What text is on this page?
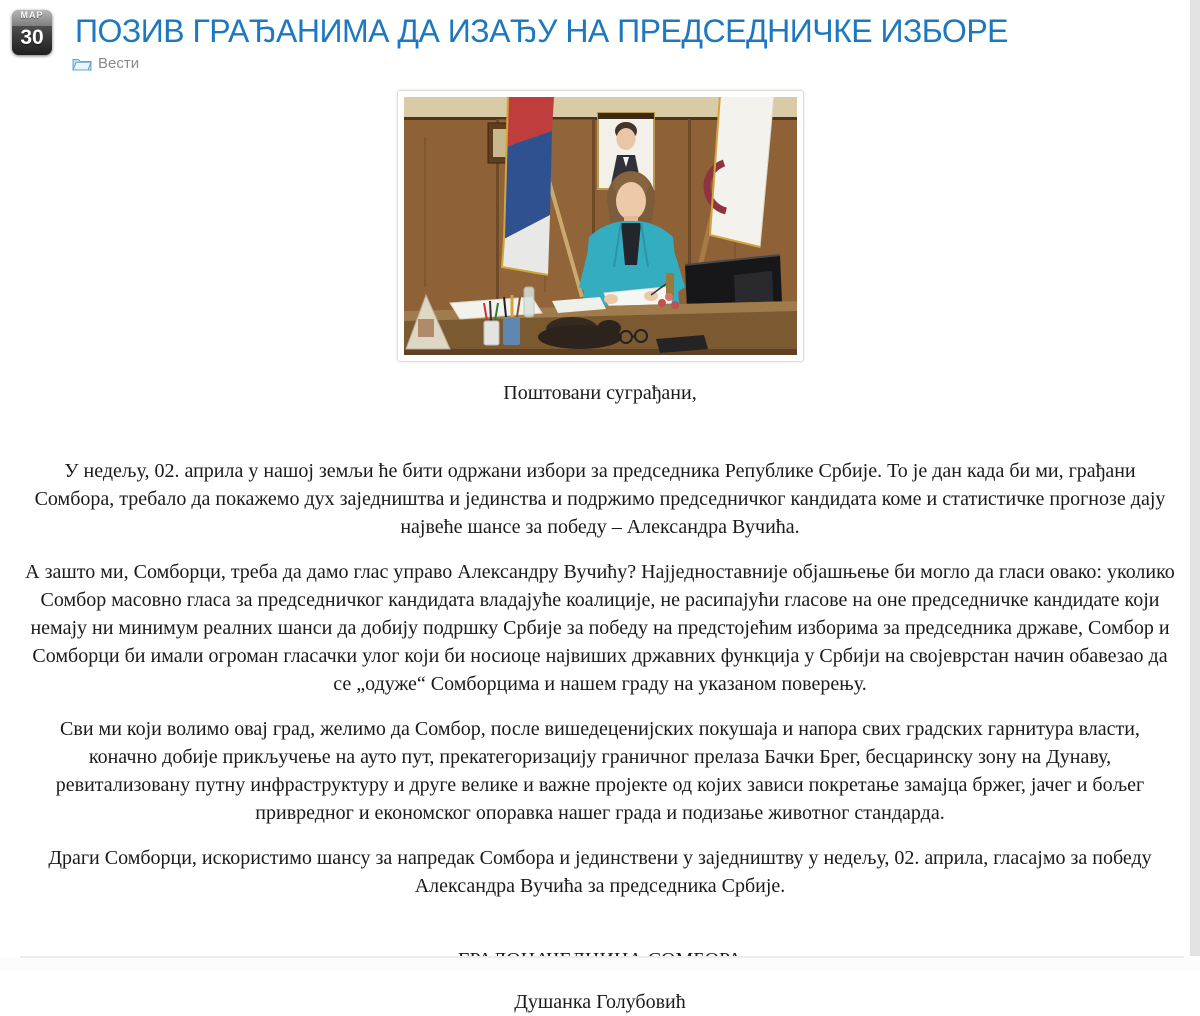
МАР
30 ПОЗИВ ГРАЂАНИМА ДА ИЗАЂУ НА ПРЕДСЕДНИЧКЕ ИЗБОРЕ
Вести

Поштовани суграђани,

У недељу, 02. априла у нашој земљи ће бити одржани избори за председника Републике Србије. То је дан када би ми, грађани Сомбора, требало да покажемо дух заједништва и јединства и подржимо председничког кандидата коме и статистичке прогнозе дају највеће шансе за победу – Александра Вучића.

А зашто ми, Сомборци, треба да дамо глас управо Александру Вучићу? Најједноставније објашњење би могло да гласи овако: уколико Сомбор масовно гласа за председничког кандидата владајуће коалиције, не расипајући гласове на оне председничке кандидате који немају ни минимум реалних шанси да добију подршку Србије за победу на предстојећим изборима за председника државе, Сомбор и Сомборци би имали огроман гласачки улог који би носиоце највиших државних функција у Србији на својеврстан начин обавезао да се „одуже“ Сомборцима и нашем граду на указаном поверењу.

Сви ми који волимо овај град, желимо да Сомбор, после вишедеценијских покушаја и напора свих градских гарнитура власти, коначно добије прикључење на ауто пут, прекатегоризацију граничног прелаза Бачки Брег, бесцаринску зону на Дунаву, ревитализовану путну инфраструктуру и друге велике и важне пројекте од којих зависи покретање замајца бржег, јачег и бољег привредног и економског опоравка нашег града и подизање животног стандарда.

Драги Сомборци, искористимо шансу за напредак Сомбора и јединствени у заједништву у недељу, 02. априла, гласајмо за победу Александра Вучића за председника Србије.

Душанка Голубовић
